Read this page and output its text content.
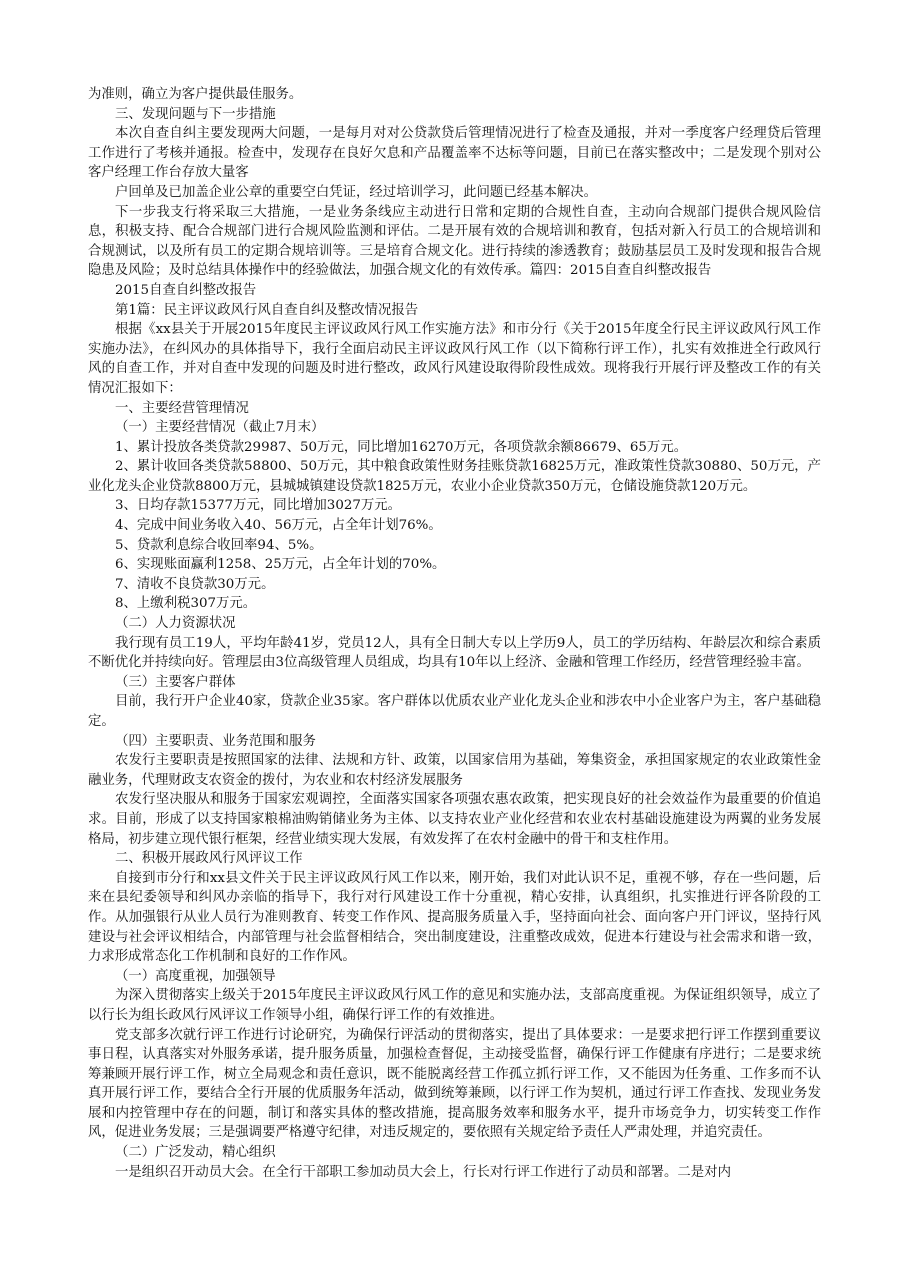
为准则，确立为客户提供最佳服务。

三、发现问题与下一步措施

本次自查自纠主要发现两大问题，一是每月对对公贷款贷后管理情况进行了检查及通报，并对一季度客户经理贷后管理工作进行了考核并通报。检查中，发现存在良好欠息和产品覆盖率不达标等问题，目前已在落实整改中；二是发现个别对公客户经理工作台存放大量客

户回单及已加盖企业公章的重要空白凭证，经过培训学习，此问题已经基本解决。

下一步我支行将采取三大措施，一是业务条线应主动进行日常和定期的合规性自查，主动向合规部门提供合规风险信息，积极支持、配合合规部门进行合规风险监测和评估。二是开展有效的合规培训和教育，包括对新入行员工的合规培训和合规测试，以及所有员工的定期合规培训等。三是培育合规文化。进行持续的渗透教育；鼓励基层员工及时发现和报告合规隐患及风险；及时总结具体操作中的经验做法，加强合规文化的有效传承。篇四：2015自查自纠整改报告

2015自查自纠整改报告

第1篇：民主评议政风行风自查自纠及整改情况报告

根据《xx县关于开展2015年度民主评议政风行风工作实施方法》和市分行《关于2015年度全行民主评议政风行风工作实施办法》，在纠风办的具体指导下，我行全面启动民主评议政风行风工作（以下简称行评工作），扎实有效推进全行政风行风的自查工作，并对自查中发现的问题及时进行整改，政风行风建设取得阶段性成效。现将我行开展行评及整改工作的有关情况汇报如下：

一、主要经营管理情况

（一）主要经营情况（截止7月末）

1、累计投放各类贷款29987、50万元，同比增加16270万元，各项贷款余额86679、65万元。

2、累计收回各类贷款58800、50万元，其中粮食政策性财务挂账贷款16825万元，准政策性贷款30880、50万元，产业化龙头企业贷款8800万元，县城城镇建设贷款1825万元，农业小企业贷款350万元，仓储设施贷款120万元。

3、日均存款15377万元，同比增加3027万元。

4、完成中间业务收入40、56万元，占全年计划76%。

5、贷款利息综合收回率94、5%。

6、实现账面赢利1258、25万元，占全年计划的70%。

7、清收不良贷款30万元。

8、上缴利税307万元。

（二）人力资源状况

我行现有员工19人，平均年龄41岁，党员12人，具有全日制大专以上学历9人，员工的学历结构、年龄层次和综合素质不断优化并持续向好。管理层由3位高级管理人员组成，均具有10年以上经济、金融和管理工作经历，经营管理经验丰富。

（三）主要客户群体

目前，我行开户企业40家，贷款企业35家。客户群体以优质农业产业化龙头企业和涉农中小企业客户为主，客户基础稳定。

（四）主要职责、业务范围和服务

农发行主要职责是按照国家的法律、法规和方针、政策，以国家信用为基础，筹集资金，承担国家规定的农业政策性金融业务，代理财政支农资金的拨付，为农业和农村经济发展服务

农发行坚决服从和服务于国家宏观调控，全面落实国家各项强农惠农政策，把实现良好的社会效益作为最重要的价值追求。目前，形成了以支持国家粮棉油购销储业务为主体、以支持农业产业化经营和农业农村基础设施建设为两翼的业务发展格局，初步建立现代银行框架，经营业绩实现大发展，有效发挥了在农村金融中的骨干和支柱作用。

二、积极开展政风行风评议工作

自接到市分行和xx县文件关于民主评议政风行风工作以来，刚开始，我们对此认识不足，重视不够，存在一些问题，后来在县纪委领导和纠风办亲临的指导下，我行对行风建设工作十分重视，精心安排，认真组织，扎实推进行评各阶段的工作。从加强银行从业人员行为准则教育、转变工作作风、提高服务质量入手，坚持面向社会、面向客户开门评议，坚持行风建设与社会评议相结合，内部管理与社会监督相结合，突出制度建设，注重整改成效，促进本行建设与社会需求和谐一致，力求形成常态化工作机制和良好的工作作风。

（一）高度重视，加强领导

为深入贯彻落实上级关于2015年度民主评议政风行风工作的意见和实施办法，支部高度重视。为保证组织领导，成立了以行长为组长政风行风评议工作领导小组，确保行评工作的有效推进。

党支部多次就行评工作进行讨论研究，为确保行评活动的贯彻落实，提出了具体要求：一是要求把行评工作摆到重要议事日程，认真落实对外服务承诺，提升服务质量，加强检查督促，主动接受监督，确保行评工作健康有序进行；二是要求统筹兼顾开展行评工作，树立全局观念和责任意识，既不能脱离经营工作孤立抓行评工作，又不能因为任务重、工作多而不认真开展行评工作，要结合全行开展的优质服务年活动，做到统筹兼顾，以行评工作为契机，通过行评工作查找、发现业务发展和内控管理中存在的问题，制订和落实具体的整改措施，提高服务效率和服务水平，提升市场竞争力，切实转变工作作风，促进业务发展；三是强调要严格遵守纪律，对违反规定的，要依照有关规定给予责任人严肃处理，并追究责任。

（二）广泛发动，精心组织

一是组织召开动员大会。在全行干部职工参加动员大会上，行长对行评工作进行了动员和部署。二是对内
